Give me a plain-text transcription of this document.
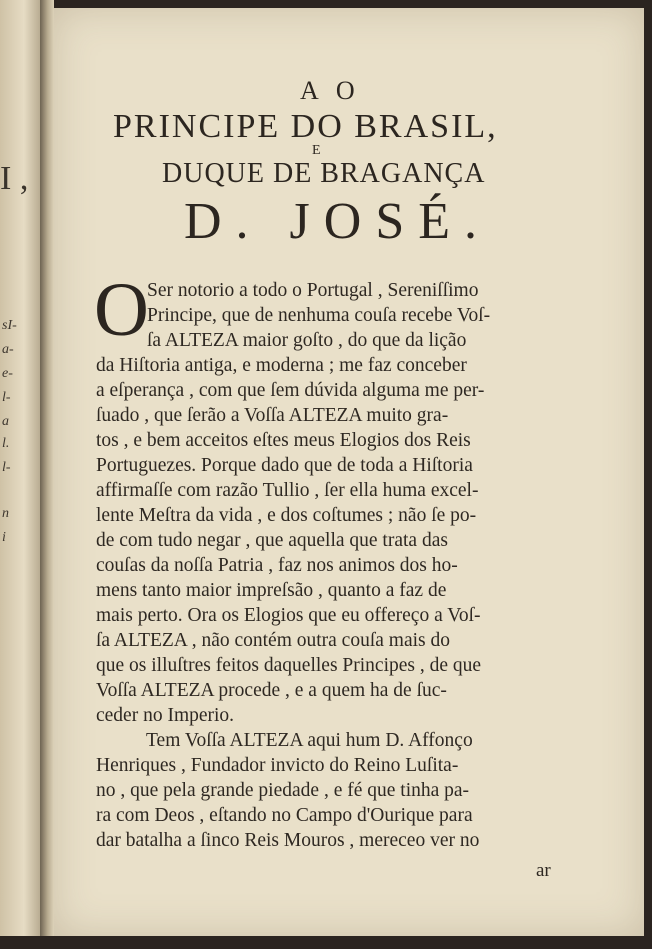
I ,
sI-
a-
e-
l-
a
l.
l-
n
i
A O
PRINCIPE DO BRASIL,
E
DUQUE DE BRAGANÇA
D. JOSÉ.
O
Ser notorio a todo o Portugal , Sereniſſimo
Principe, que de nenhuma couſa recebe Voſ-
ſa ALTEZA maior goſto , do que da lição
da Hiſtoria antiga, e moderna ; me faz conceber
a eſperança , com que ſem dúvida alguma me per-
ſuado , que ſerão a Voſſa ALTEZA muito gra-
tos , e bem acceitos eſtes meus Elogios dos Reis
Portuguezes. Porque dado que de toda a Hiſtoria
affirmaſſe com razão Tullio , ſer ella huma excel-
lente Meſtra da vida , e dos coſtumes ; não ſe po-
de com tudo negar , que aquella que trata das
couſas da noſſa Patria , faz nos animos dos ho-
mens tanto maior impreſsão , quanto a faz de
mais perto. Ora os Elogios que eu offereço a Voſ-
ſa ALTEZA , não contém outra couſa mais do
que os illuſtres feitos daquelles Principes , de que
Voſſa ALTEZA procede , e a quem ha de ſuc-
ceder no Imperio.
Tem Voſſa ALTEZA aqui hum D. Affonço
Henriques , Fundador invicto do Reino Luſita-
no , que pela grande piedade , e fé que tinha pa-
ra com Deos , eſtando no Campo d'Ourique para
dar batalha a ſinco Reis Mouros , mereceo ver no
ar
